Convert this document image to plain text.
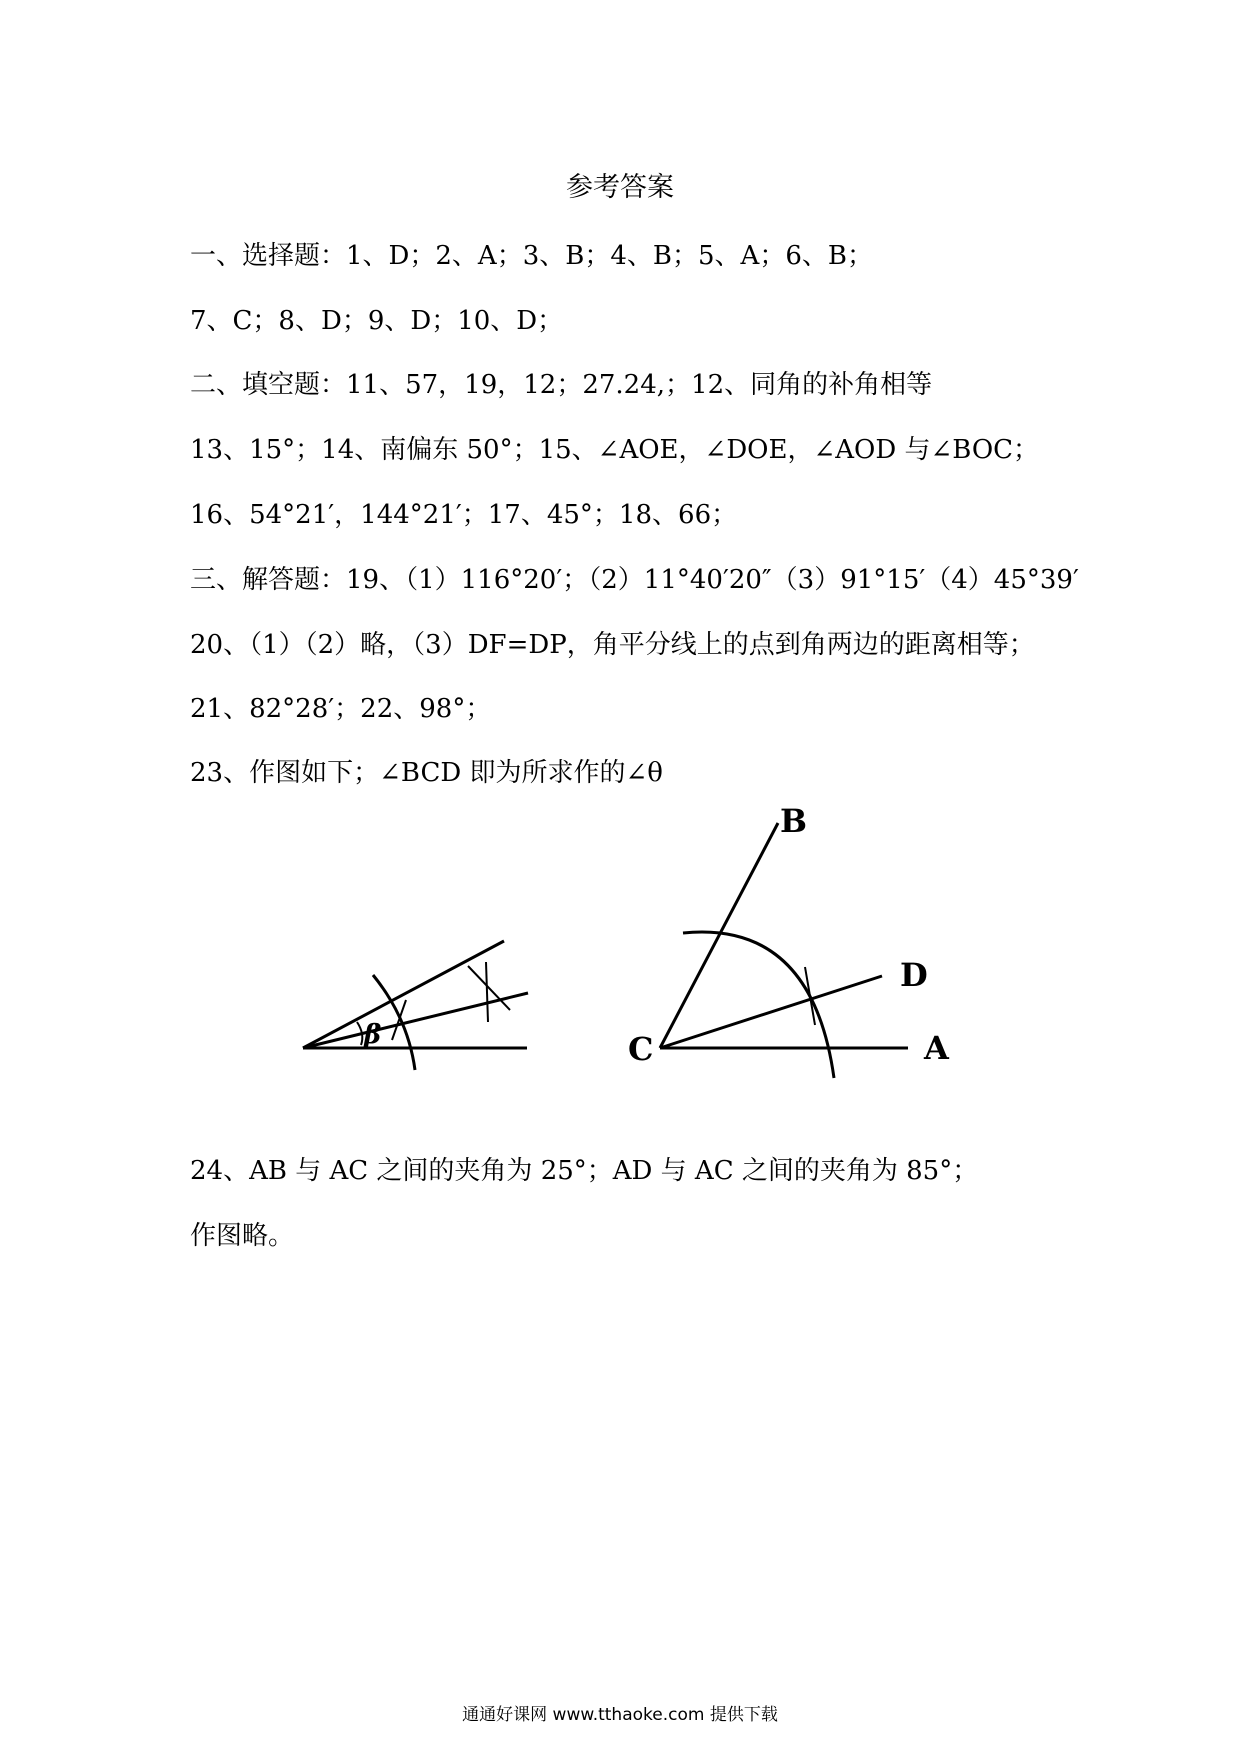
参考答案
一、选择题：1、D；2、A；3、B；4、B；5、A；6、B；
7、C；8、D；9、D；10、D；
二、填空题：11、57，19，12；27.24,；12、同角的补角相等
13、15°；14、南偏东 50°；15、∠AOE，∠DOE，∠AOD 与∠BOC；
16、54°21′，144°21′；17、45°；18、66；
三、解答题：19、（1）116°20′；（2）11°40′20″（3）91°15′（4）45°39′
20、（1）（2）略，（3）DF=DP，角平分线上的点到角两边的距离相等；
21、82°28′；22、98°；
23、作图如下；∠BCD 即为所求作的∠θ
β
B
C
D
A
24、AB 与 AC 之间的夹角为 25°；AD 与 AC 之间的夹角为 85°；
作图略。
通通好课网 www.tthaoke.com 提供下载
